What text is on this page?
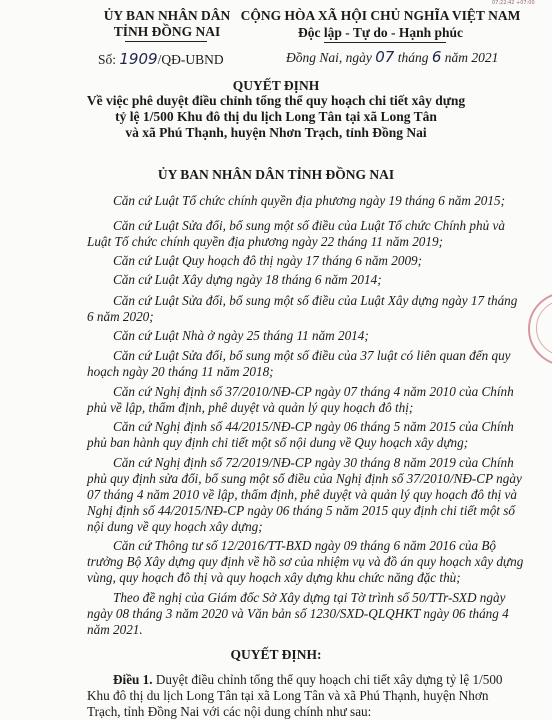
07:22:42 +07:00
ỦY BAN NHÂN DÂN
TỈNH ĐỒNG NAI
CỘNG HÒA XÃ HỘI CHỦ NGHĨA VIỆT NAM
Độc lập - Tự do - Hạnh phúc
Số: 1909/QĐ-UBND	Đồng Nai, ngày 07 tháng 6 năm 2021
QUYẾT ĐỊNH
Về việc phê duyệt điều chỉnh tổng thể quy hoạch chi tiết xây dựng
tỷ lệ 1/500 Khu đô thị du lịch Long Tân tại xã Long Tân
và xã Phú Thạnh, huyện Nhơn Trạch, tỉnh Đồng Nai
ỦY BAN NHÂN DÂN TỈNH ĐỒNG NAI
Căn cứ Luật Tổ chức chính quyền địa phương ngày 19 tháng 6 năm 2015;
Căn cứ Luật Sửa đổi, bổ sung một số điều của Luật Tổ chức Chính phủ và
Luật Tổ chức chính quyền địa phương ngày 22 tháng 11 năm 2019;
Căn cứ Luật Quy hoạch đô thị ngày 17 tháng 6 năm 2009;
Căn cứ Luật Xây dựng ngày 18 tháng 6 năm 2014;
Căn cứ Luật Sửa đổi, bổ sung một số điều của Luật Xây dựng ngày 17 tháng
6 năm 2020;
Căn cứ Luật Nhà ở ngày 25 tháng 11 năm 2014;
Căn cứ Luật Sửa đổi, bổ sung một số điều của 37 luật có liên quan đến quy
hoạch ngày 20 tháng 11 năm 2018;
Căn cứ Nghị định số 37/2010/NĐ-CP ngày 07 tháng 4 năm 2010 của Chính
phủ về lập, thẩm định, phê duyệt và quản lý quy hoạch đô thị;
Căn cứ Nghị định số 44/2015/NĐ-CP ngày 06 tháng 5 năm 2015 của Chính
phủ ban hành quy định chi tiết một số nội dung về Quy hoạch xây dựng;
Căn cứ Nghị định số 72/2019/NĐ-CP ngày 30 tháng 8 năm 2019 của Chính
phủ quy định sửa đổi, bổ sung một số điều của Nghị định số 37/2010/NĐ-CP ngày
07 tháng 4 năm 2010 về lập, thẩm định, phê duyệt và quản lý quy hoạch đô thị và
Nghị định số 44/2015/NĐ-CP ngày 06 tháng 5 năm 2015 quy định chi tiết một số
nội dung về quy hoạch xây dựng;
Căn cứ Thông tư số 12/2016/TT-BXD ngày 09 tháng 6 năm 2016 của Bộ
trưởng Bộ Xây dựng quy định về hồ sơ của nhiệm vụ và đồ án quy hoạch xây dựng
vùng, quy hoạch đô thị và quy hoạch xây dựng khu chức năng đặc thù;
Theo đề nghị của Giám đốc Sở Xây dựng tại Tờ trình số 50/TTr-SXD ngày
ngày 08 tháng 3 năm 2020 và Văn bản số 1230/SXD-QLQHKT ngày 06 tháng 4
năm 2021.
QUYẾT ĐỊNH:
Điều 1. Duyệt điều chỉnh tổng thể quy hoạch chi tiết xây dựng tỷ lệ 1/500
Khu đô thị du lịch Long Tân tại xã Long Tân và xã Phú Thạnh, huyện Nhơn
Trạch, tỉnh Đồng Nai với các nội dung chính như sau:
